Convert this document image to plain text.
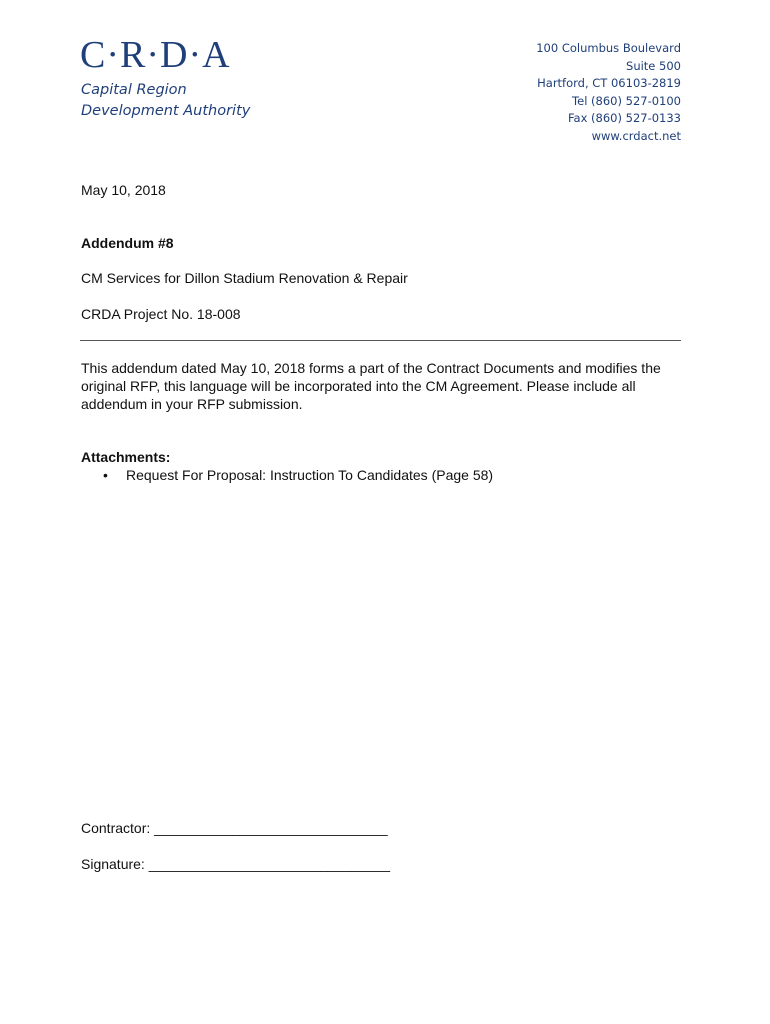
C·R·D·A
Capital Region
Development Authority
100 Columbus Boulevard
Suite 500
Hartford, CT 06103-2819
Tel (860) 527-0100
Fax (860) 527-0133
www.crdact.net
May 10, 2018
Addendum #8
CM Services for Dillon Stadium Renovation & Repair
CRDA Project No. 18-008
This addendum dated May 10, 2018 forms a part of the Contract Documents and modifies the original RFP, this language will be incorporated into the CM Agreement. Please include all addendum in your RFP submission.
Attachments:
• Request For Proposal: Instruction To Candidates (Page 58)
Contractor: ______________________________
Signature: _______________________________
